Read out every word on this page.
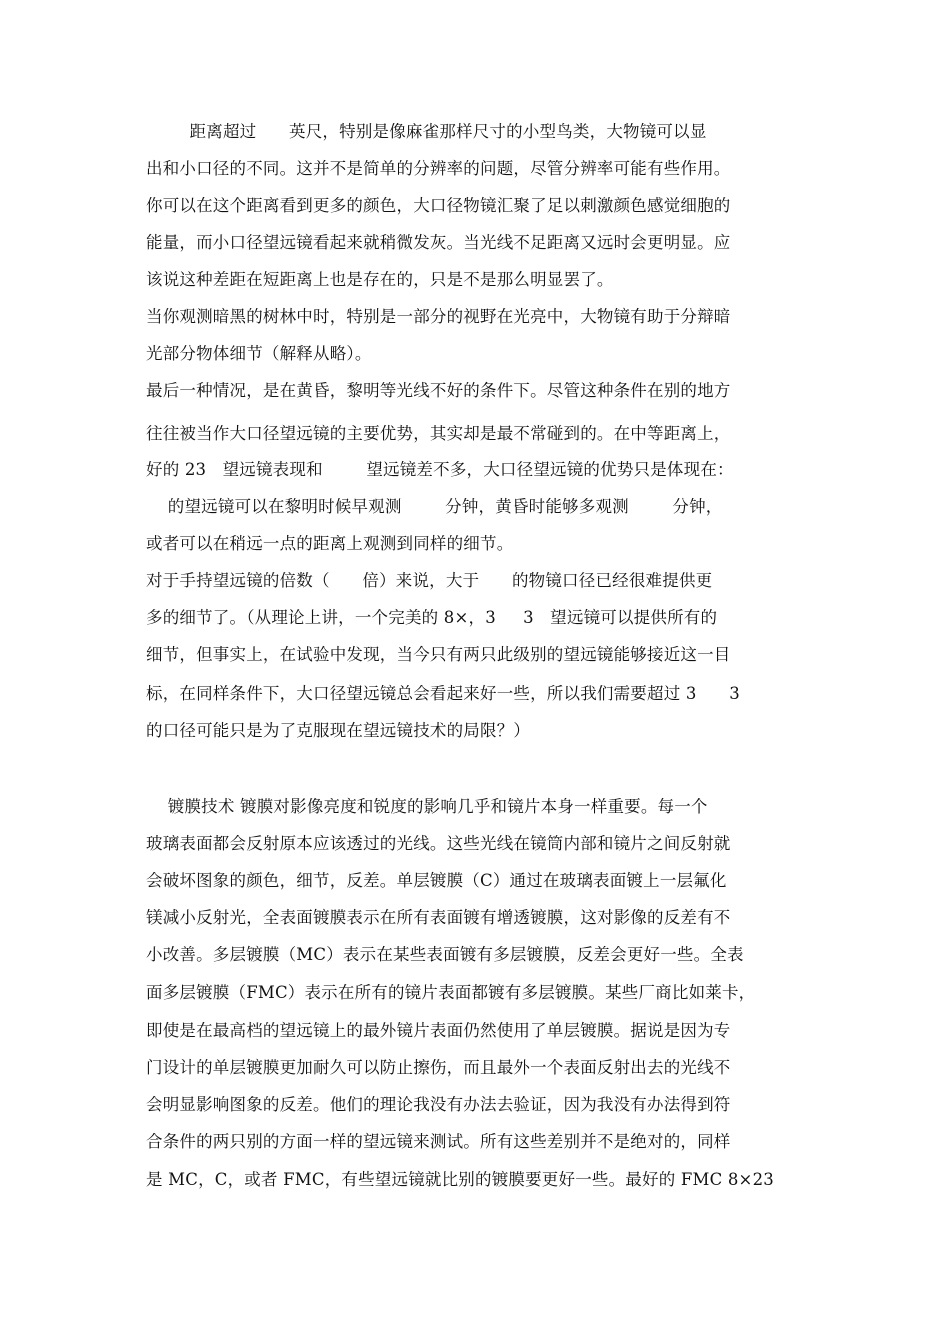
距离超过      英尺，特别是像麻雀那样尺寸的小型鸟类，大物镜可以显
出和小口径的不同。这并不是简单的分辨率的问题，尽管分辨率可能有些作用。
你可以在这个距离看到更多的颜色，大口径物镜汇聚了足以刺激颜色感觉细胞的
能量，而小口径望远镜看起来就稍微发灰。当光线不足距离又远时会更明显。应
该说这种差距在短距离上也是存在的，只是不是那么明显罢了。
当你观测暗黑的树林中时，特别是一部分的视野在光亮中，大物镜有助于分辩暗
光部分物体细节（解释从略）。
最后一种情况，是在黄昏，黎明等光线不好的条件下。尽管这种条件在别的地方
往往被当作大口径望远镜的主要优势，其实却是最不常碰到的。在中等距离上，
好的 23   望远镜表现和        望远镜差不多，大口径望远镜的优势只是体现在：
的望远镜可以在黎明时候早观测        分钟，黄昏时能够多观测        分钟，
或者可以在稍远一点的距离上观测到同样的细节。
对于手持望远镜的倍数（      倍）来说，大于      的物镜口径已经很难提供更
多的细节了。（从理论上讲，一个完美的 8×，3     3   望远镜可以提供所有的
细节，但事实上，在试验中发现，当今只有两只此级别的望远镜能够接近这一目
标，在同样条件下，大口径望远镜总会看起来好一些，所以我们需要超过 3      3
的口径可能只是为了克服现在望远镜技术的局限？）
镀膜技术 镀膜对影像亮度和锐度的影响几乎和镜片本身一样重要。每一个
玻璃表面都会反射原本应该透过的光线。这些光线在镜筒内部和镜片之间反射就
会破坏图象的颜色，细节，反差。单层镀膜（C）通过在玻璃表面镀上一层氟化
镁减小反射光，全表面镀膜表示在所有表面镀有增透镀膜，这对影像的反差有不
小改善。多层镀膜（MC）表示在某些表面镀有多层镀膜，反差会更好一些。全表
面多层镀膜（FMC）表示在所有的镜片表面都镀有多层镀膜。某些厂商比如莱卡，
即使是在最高档的望远镜上的最外镜片表面仍然使用了单层镀膜。据说是因为专
门设计的单层镀膜更加耐久可以防止擦伤，而且最外一个表面反射出去的光线不
会明显影响图象的反差。他们的理论我没有办法去验证，因为我没有办法得到符
合条件的两只别的方面一样的望远镜来测试。所有这些差别并不是绝对的，同样
是 MC，C，或者 FMC，有些望远镜就比别的镀膜要更好一些。最好的 FMC 8×23
